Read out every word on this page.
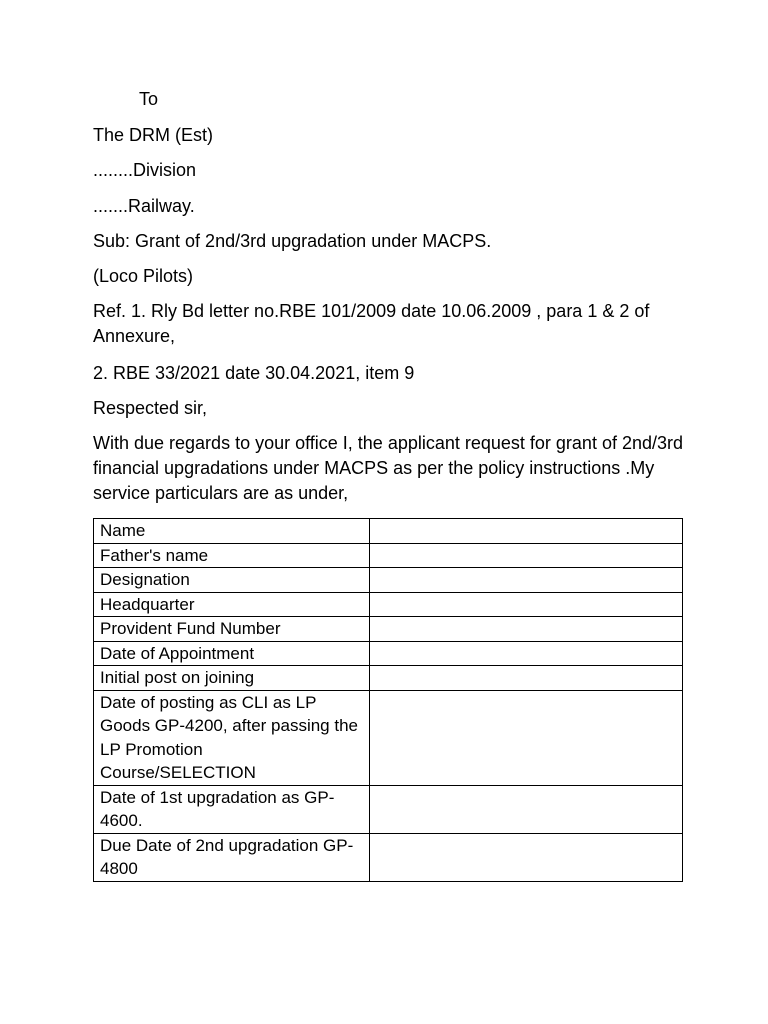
To
The DRM (Est)
........Division
.......Railway.
Sub: Grant of 2nd/3rd upgradation under MACPS.
(Loco Pilots)
Ref. 1. Rly Bd letter no.RBE 101/2009 date 10.06.2009 , para 1 & 2 of Annexure,
2. RBE 33/2021 date 30.04.2021, item 9
Respected sir,
With due regards to your office I, the applicant request for grant of 2nd/3rd financial upgradations under MACPS as per the policy instructions .My service particulars are as under,
Name	
Father's name	
Designation	
Headquarter	
Provident Fund Number	
Date of Appointment	
Initial post on joining	
Date of posting as CLI as LP Goods GP-4200, after passing the LP Promotion Course/SELECTION	
Date of 1st upgradation as GP-4600.	
Due Date of 2nd upgradation GP-4800	
